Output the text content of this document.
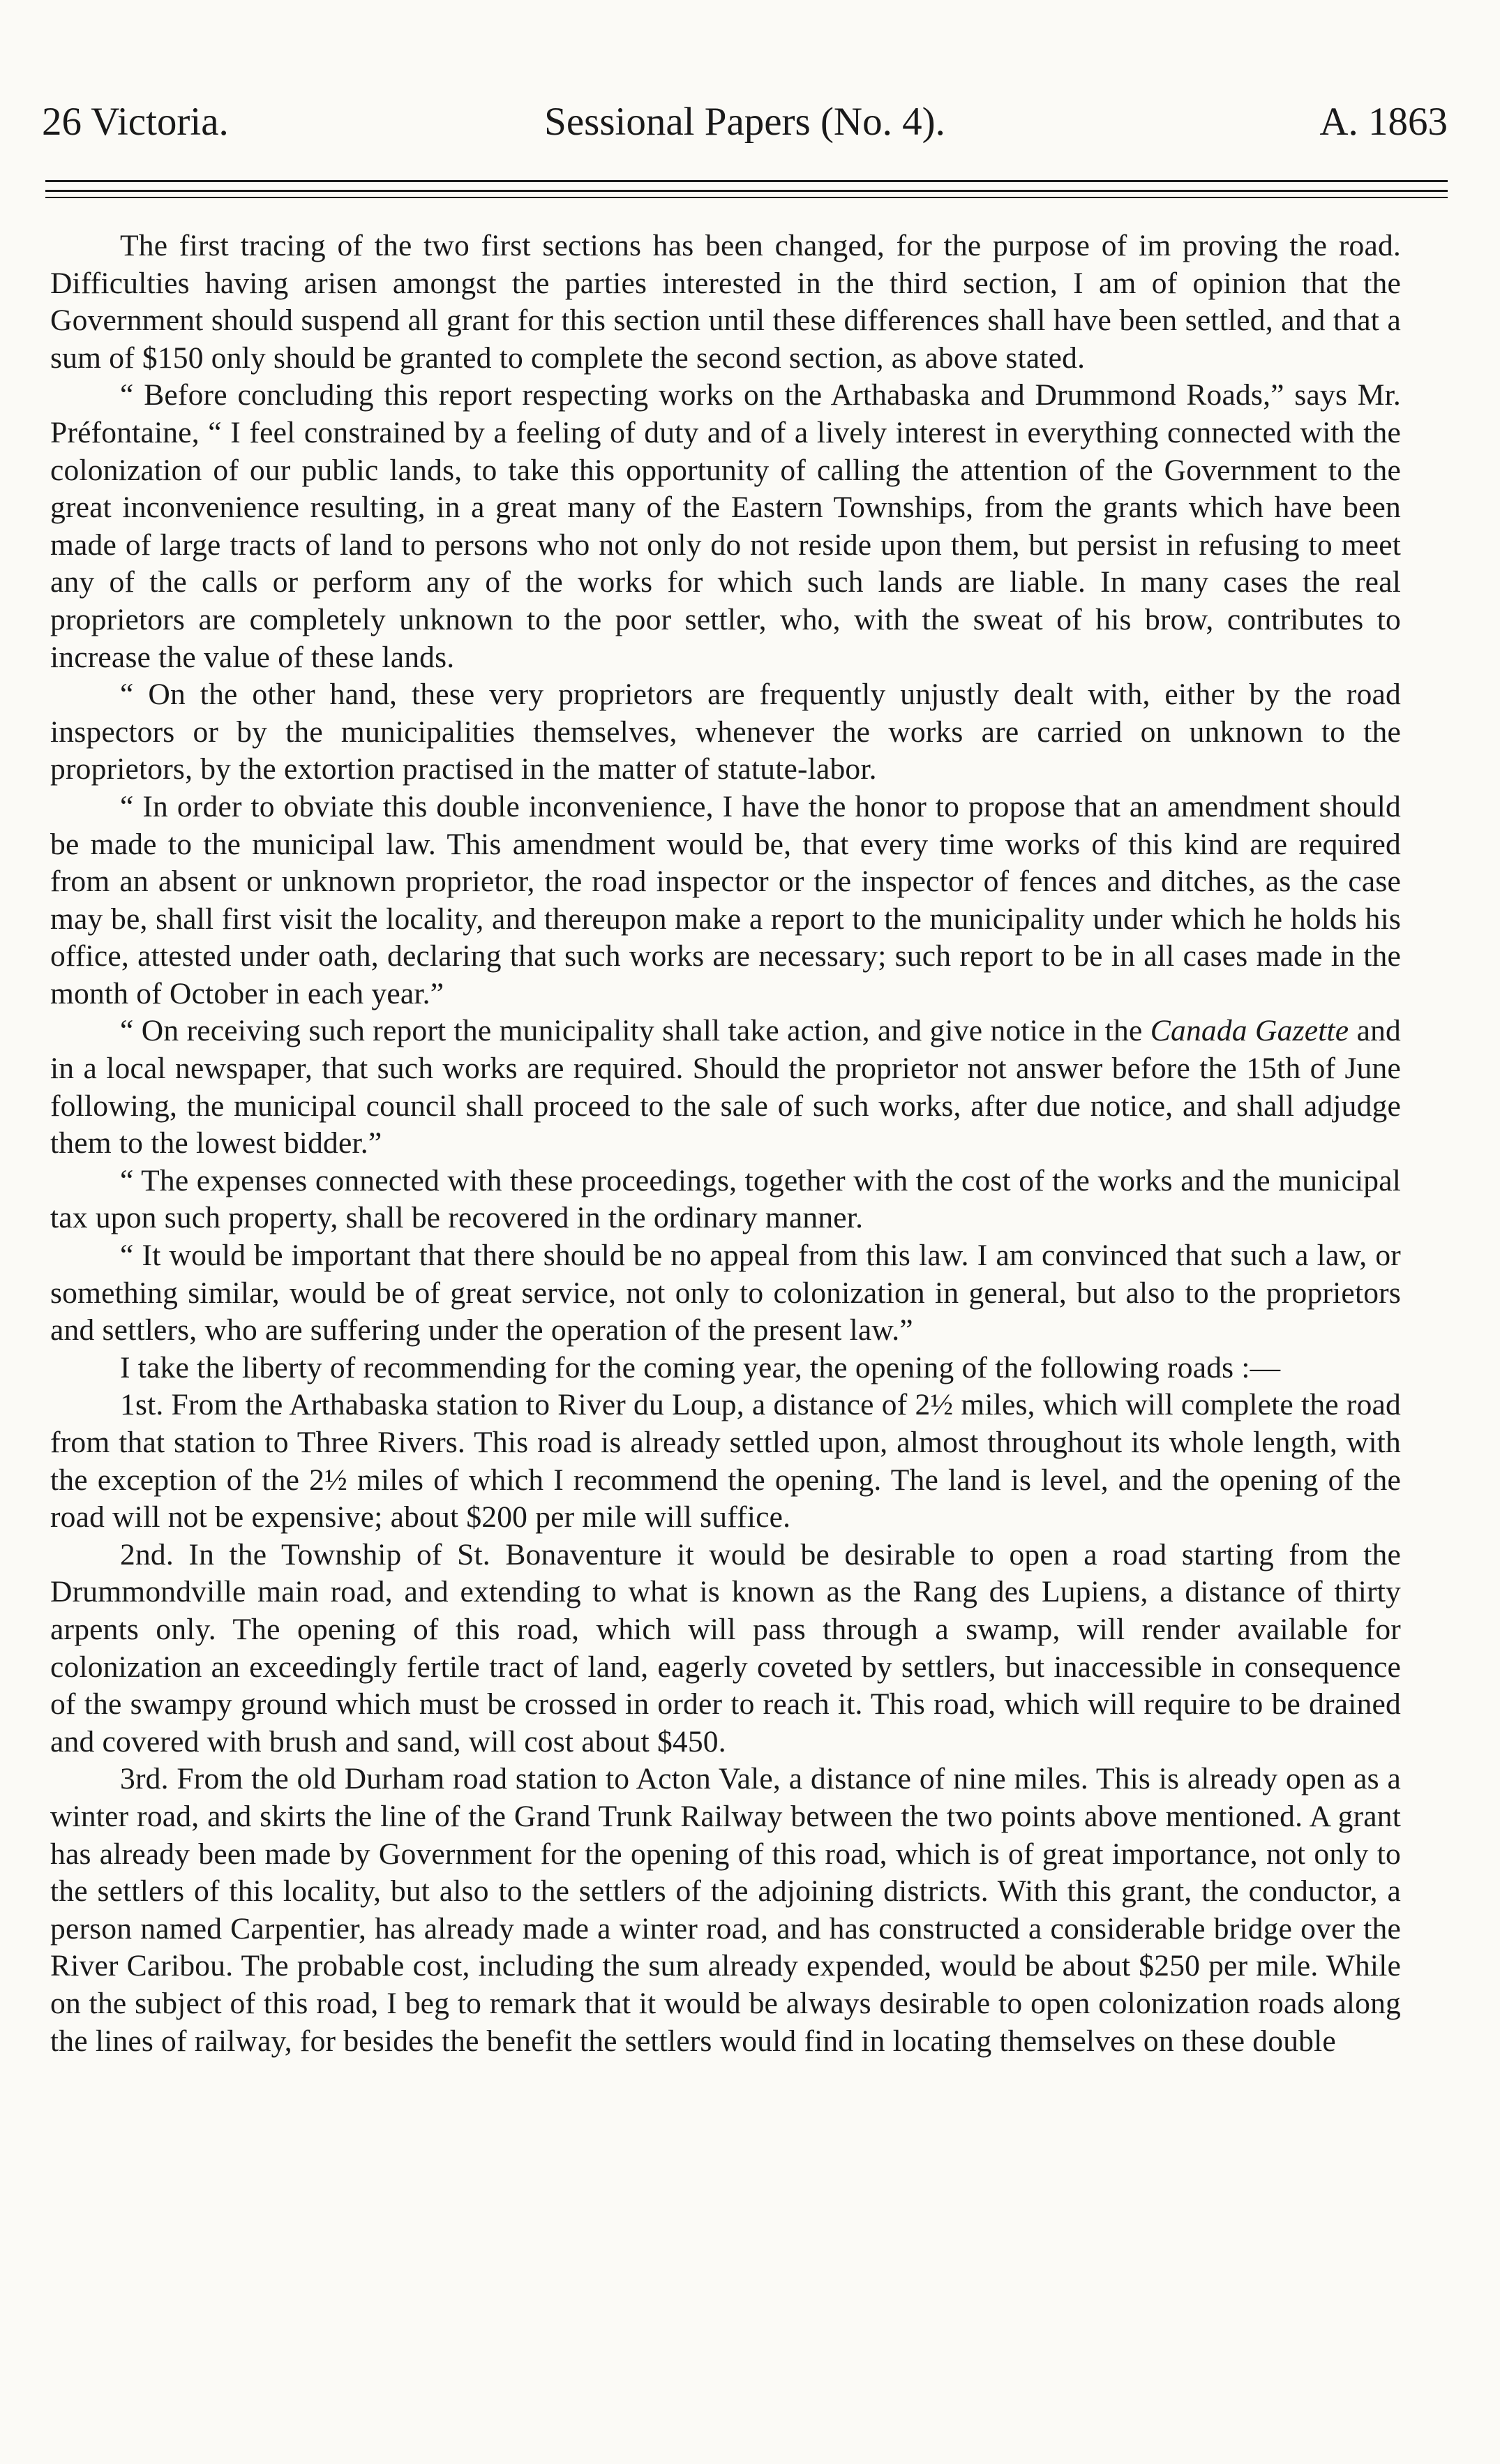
26 Victoria.	Sessional Papers (No. 4).	A. 1863

The first tracing of the two first sections has been changed, for the purpose of im proving the road. Difficulties having arisen amongst the parties interested in the third section, I am of opinion that the Government should suspend all grant for this section until these differences shall have been settled, and that a sum of $150 only should be granted to complete the second section, as above stated.

“ Before concluding this report respecting works on the Arthabaska and Drummond Roads,” says Mr. Préfontaine, “ I feel constrained by a feeling of duty and of a lively interest in everything connected with the colonization of our public lands, to take this opportunity of calling the attention of the Government to the great inconvenience resulting, in a great many of the Eastern Townships, from the grants which have been made of large tracts of land to persons who not only do not reside upon them, but persist in refusing to meet any of the calls or perform any of the works for which such lands are liable. In many cases the real proprietors are completely unknown to the poor settler, who, with the sweat of his brow, contributes to increase the value of these lands.

“ On the other hand, these very proprietors are frequently unjustly dealt with, either by the road inspectors or by the municipalities themselves, whenever the works are carried on unknown to the proprietors, by the extortion practised in the matter of statute-labor.

“ In order to obviate this double inconvenience, I have the honor to propose that an amendment should be made to the municipal law. This amendment would be, that every time works of this kind are required from an absent or unknown proprietor, the road inspector or the inspector of fences and ditches, as the case may be, shall first visit the locality, and thereupon make a report to the municipality under which he holds his office, attested under oath, declaring that such works are necessary; such report to be in all cases made in the month of October in each year.”

“ On receiving such report the municipality shall take action, and give notice in the Canada Gazette and in a local newspaper, that such works are required. Should the proprietor not answer before the 15th of June following, the municipal council shall proceed to the sale of such works, after due notice, and shall adjudge them to the lowest bidder.”

“ The expenses connected with these proceedings, together with the cost of the works and the municipal tax upon such property, shall be recovered in the ordinary manner.

“ It would be important that there should be no appeal from this law. I am convinced that such a law, or something similar, would be of great service, not only to colonization in general, but also to the proprietors and settlers, who are suffering under the operation of the present law.”

I take the liberty of recommending for the coming year, the opening of the following roads :—

1st. From the Arthabaska station to River du Loup, a distance of 2½ miles, which will complete the road from that station to Three Rivers. This road is already settled upon, almost throughout its whole length, with the exception of the 2½ miles of which I recommend the opening. The land is level, and the opening of the road will not be expensive; about $200 per mile will suffice.

2nd. In the Township of St. Bonaventure it would be desirable to open a road starting from the Drummondville main road, and extending to what is known as the Rang des Lupiens, a distance of thirty arpents only. The opening of this road, which will pass through a swamp, will render available for colonization an exceedingly fertile tract of land, eagerly coveted by settlers, but inaccessible in consequence of the swampy ground which must be crossed in order to reach it. This road, which will require to be drained and covered with brush and sand, will cost about $450.

3rd. From the old Durham road station to Acton Vale, a distance of nine miles. This is already open as a winter road, and skirts the line of the Grand Trunk Railway between the two points above mentioned. A grant has already been made by Government for the opening of this road, which is of great importance, not only to the settlers of this locality, but also to the settlers of the adjoining districts. With this grant, the conductor, a person named Carpentier, has already made a winter road, and has constructed a considerable bridge over the River Caribou. The probable cost, including the sum already expended, would be about $250 per mile. While on the subject of this road, I beg to remark that it would be always desirable to open colonization roads along the lines of railway, for besides the benefit the settlers would find in locating themselves on these double
